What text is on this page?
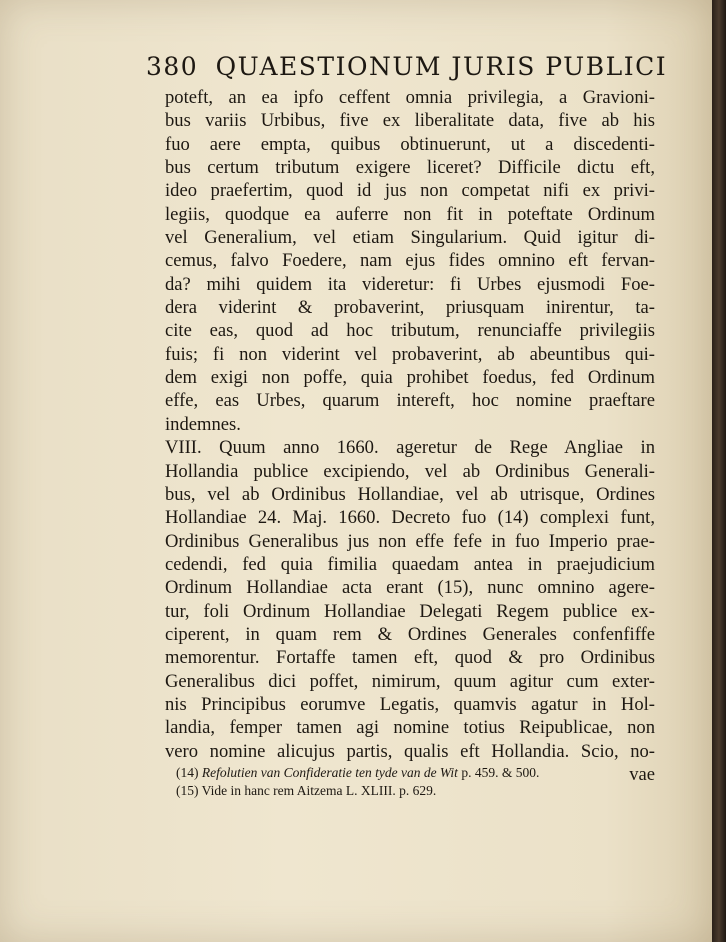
380 QUAESTIONUM JURIS PUBLICI
poteft, an ea ipfo ceffent omnia privilegia, a Gravioni-
bus variis Urbibus, five ex liberalitate data, five ab his
fuo aere empta, quibus obtinuerunt, ut a discedenti-
bus certum tributum exigere liceret? Difficile dictu eft,
ideo praefertim, quod id jus non competat nifi ex privi-
legiis, quodque ea auferre non fit in poteftate Ordinum
vel Generalium, vel etiam Singularium. Quid igitur di-
cemus, falvo Foedere, nam ejus fides omnino eft fervan-
da? mihi quidem ita videretur: fi Urbes ejusmodi Foe-
dera viderint & probaverint, priusquam inirentur, ta-
cite eas, quod ad hoc tributum, renunciaffe privilegiis
fuis; fi non viderint vel probaverint, ab abeuntibus qui-
dem exigi non poffe, quia prohibet foedus, fed Ordinum
effe, eas Urbes, quarum intereft, hoc nomine praeftare
indemnes.
VIII. Quum anno 1660. ageretur de Rege Angliae in
Hollandia publice excipiendo, vel ab Ordinibus Generali-
bus, vel ab Ordinibus Hollandiae, vel ab utrisque, Ordines
Hollandiae 24. Maj. 1660. Decreto fuo (14) complexi funt,
Ordinibus Generalibus jus non effe fefe in fuo Imperio prae-
cedendi, fed quia fimilia quaedam antea in praejudicium
Ordinum Hollandiae acta erant (15), nunc omnino agere-
tur, foli Ordinum Hollandiae Delegati Regem publice ex-
ciperent, in quam rem & Ordines Generales confenfiffe
memorentur. Fortaffe tamen eft, quod & pro Ordinibus
Generalibus dici poffet, nimirum, quum agitur cum exter-
nis Principibus eorumve Legatis, quamvis agatur in Hol-
landia, femper tamen agi nomine totius Reipublicae, non
vero nomine alicujus partis, qualis eft Hollandia. Scio, no-
vae
(14) Refolutien van Confideratie ten tyde van de Wit p. 459. & 500.
(15) Vide in hanc rem Aitzema L. XLIII. p. 629.
